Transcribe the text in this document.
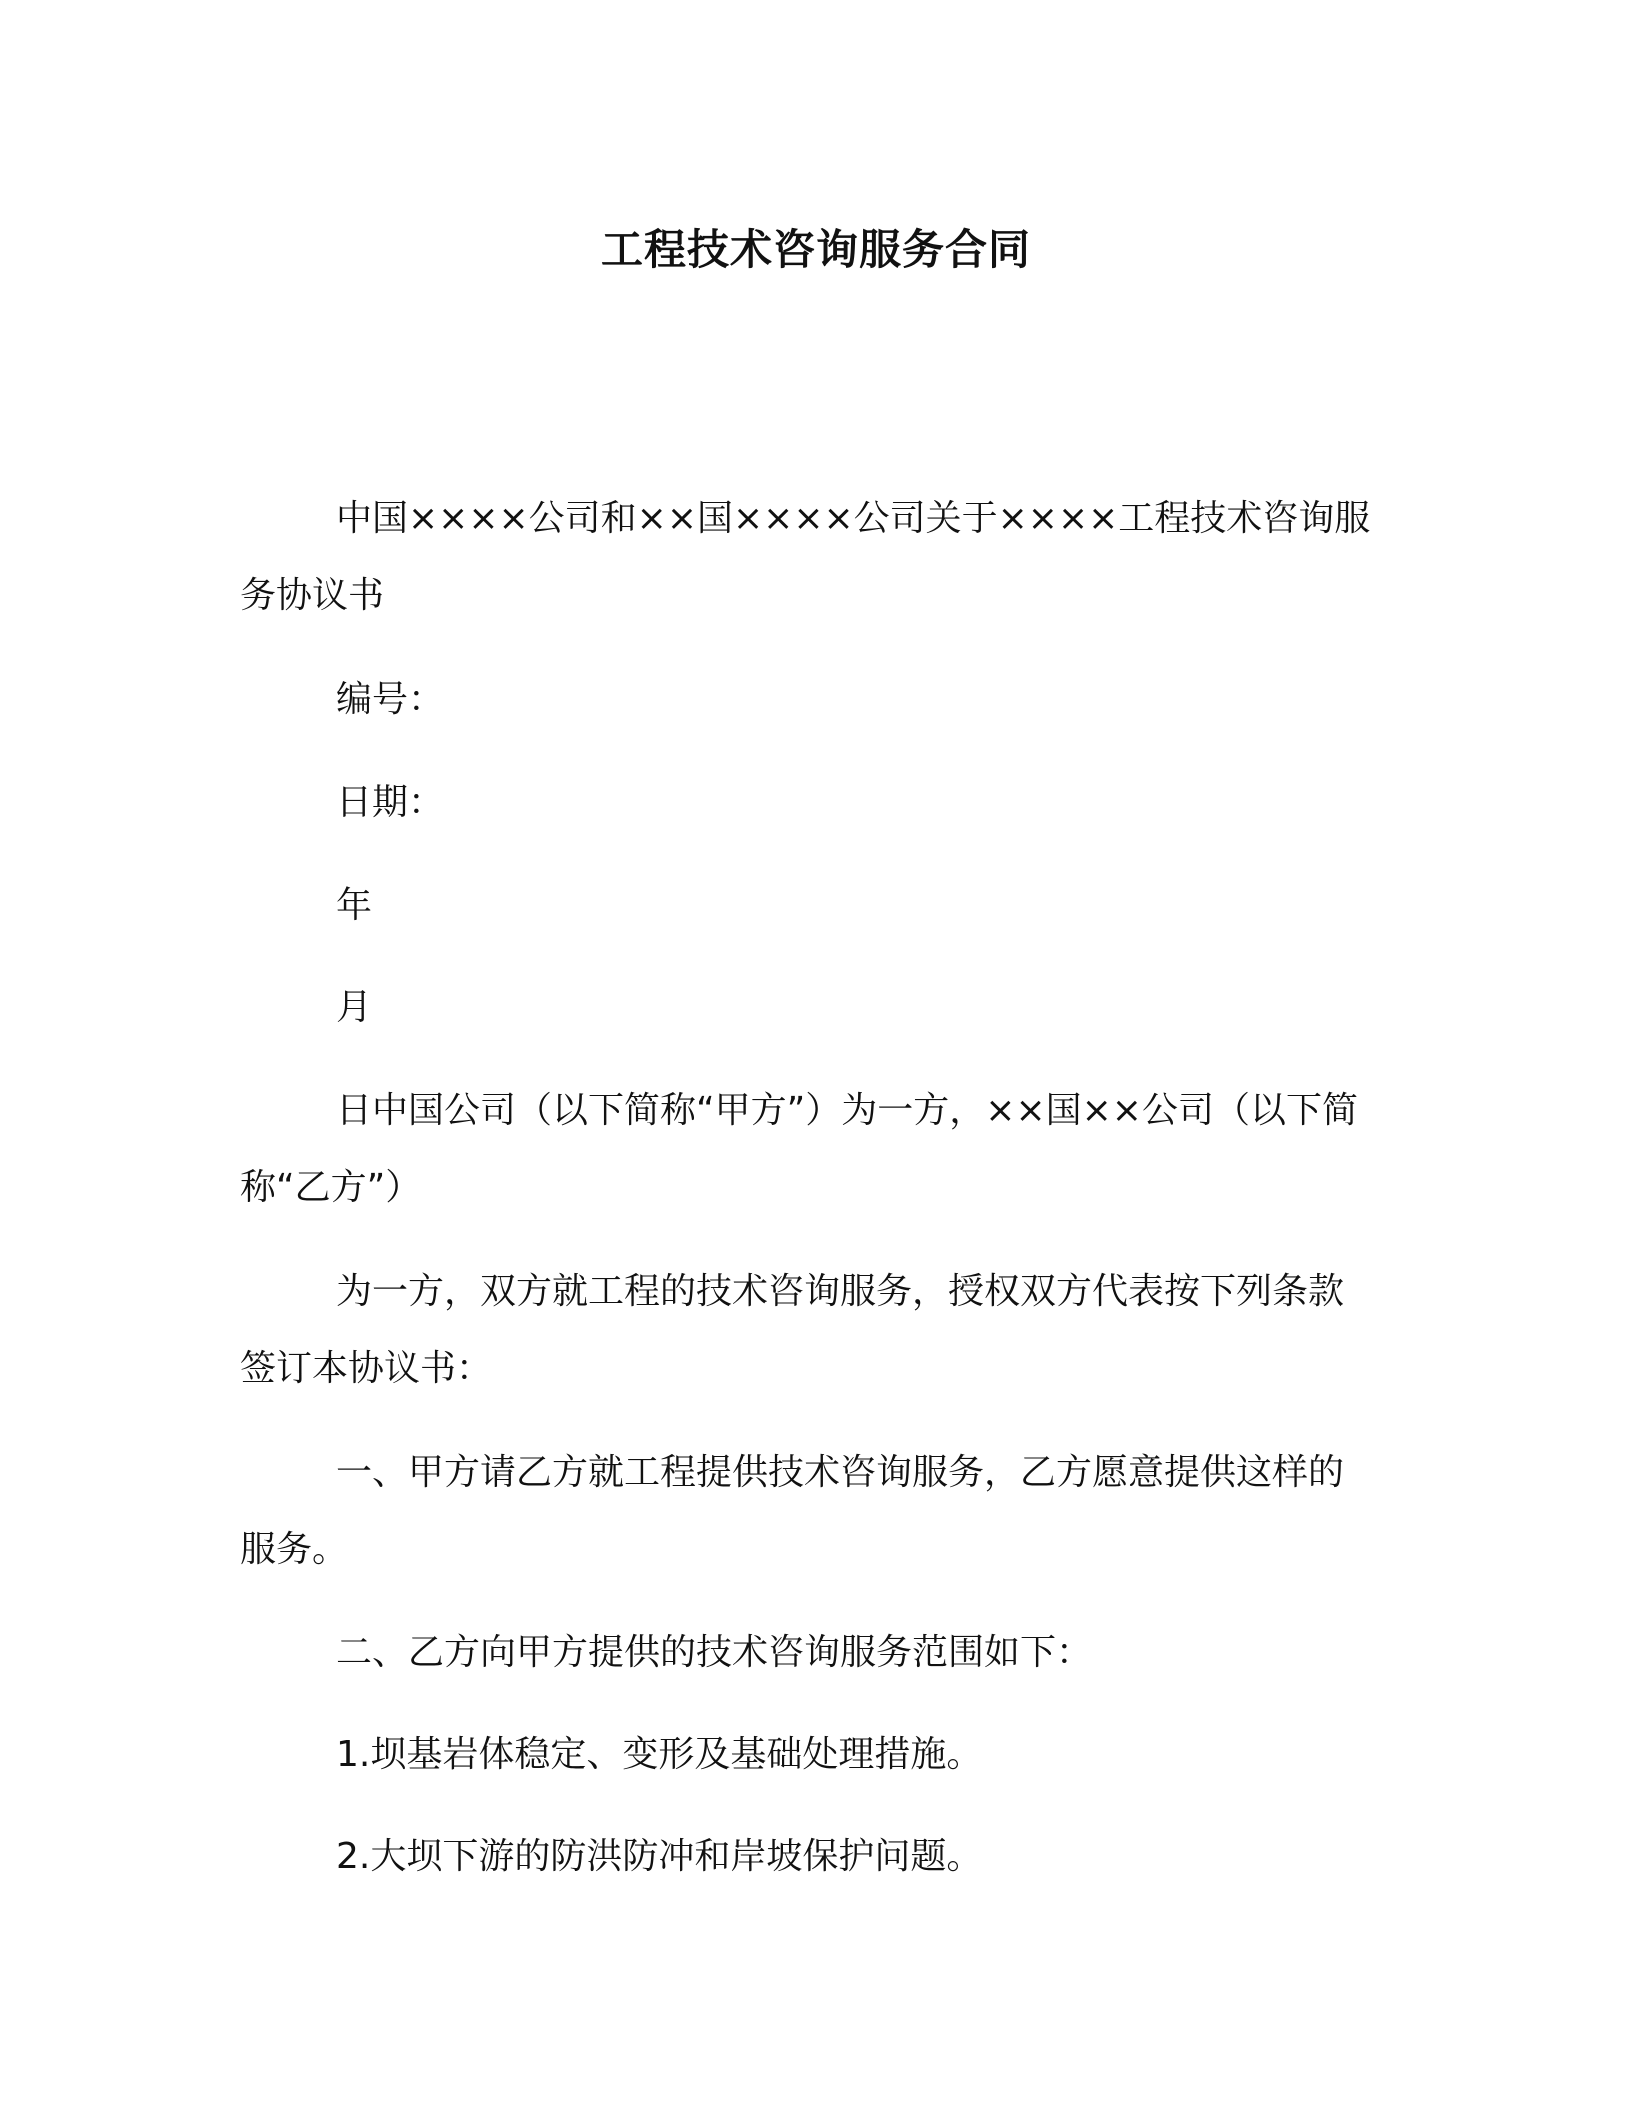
工程技术咨询服务合同

中国××××公司和××国××××公司关于××××工程技术咨询服务协议书

编号：

日期：

年

月

日中国公司（以下简称“甲方”）为一方，××国××公司（以下简称“乙方”）

为一方，双方就工程的技术咨询服务，授权双方代表按下列条款签订本协议书：

一、甲方请乙方就工程提供技术咨询服务，乙方愿意提供这样的服务。

二、乙方向甲方提供的技术咨询服务范围如下：

1.坝基岩体稳定、变形及基础处理措施。

2.大坝下游的防洪防冲和岸坡保护问题。
